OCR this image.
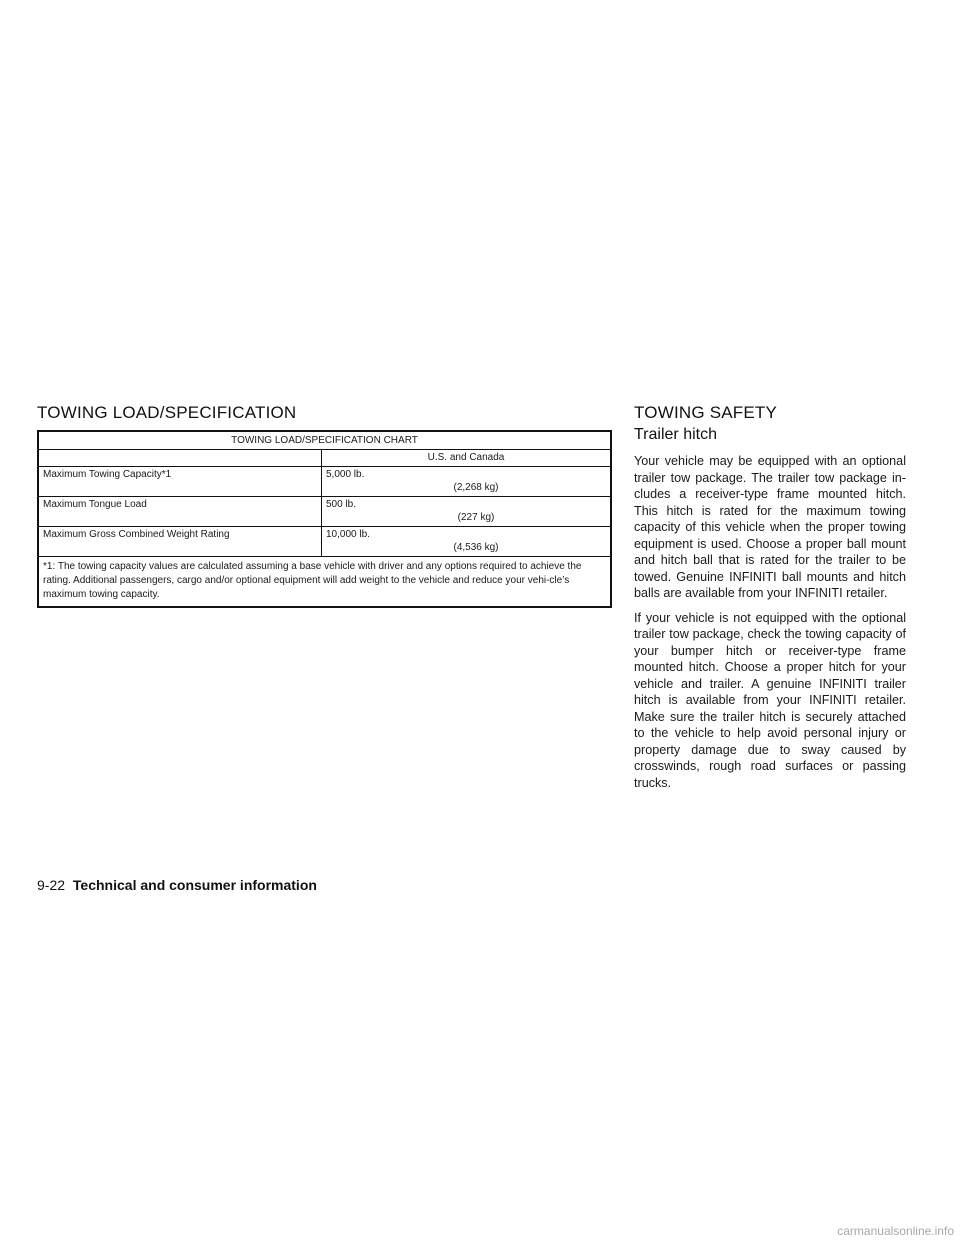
TOWING LOAD/SPECIFICATION
TOWING LOAD/SPECIFICATION CHART	
	U.S. and Canada
Maximum Towing Capacity*1	5,000 lb.
(2,268 kg)

Maximum Tongue Load	500 lb.
(227 kg)

Maximum Gross Combined Weight Rating	10,000 lb.
(4,536 kg)

*1: The towing capacity values are calculated assuming a base vehicle with driver and any options required to achieve the rating. Additional passengers, cargo and/or optional equipment will add weight to the vehicle and reduce your vehi-cle’s maximum towing capacity.	
TOWING SAFETY
Trailer hitch

Your vehicle may be equipped with an optional trailer tow package. The trailer tow package in-cludes a receiver-type frame mounted hitch. This hitch is rated for the maximum towing capacity of this vehicle when the proper towing equipment is used. Choose a proper ball mount and hitch ball that is rated for the trailer to be towed. Genuine INFINITI ball mounts and hitch balls are available from your INFINITI retailer.

If your vehicle is not equipped with the optional trailer tow package, check the towing capacity of your bumper hitch or receiver-type frame mounted hitch. Choose a proper hitch for your vehicle and trailer. A genuine INFINITI trailer hitch is available from your INFINITI retailer. Make sure the trailer hitch is securely attached to the vehicle to help avoid personal injury or property damage due to sway caused by crosswinds, rough road surfaces or passing trucks.

9-22 Technical and consumer information
carmanualsonline.info
